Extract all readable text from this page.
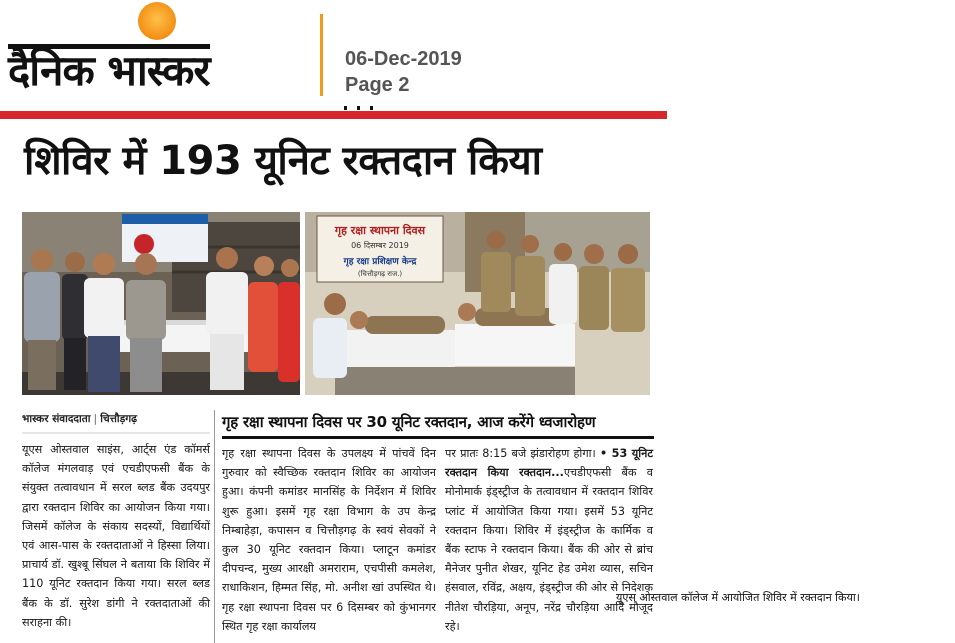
दैनिक भास्कर	06-Dec-2019
Page 2
शिविर में 193 यूनिट रक्तदान किया
गृह रक्षा स्थापना दिवस
06 दिसम्बर 2019
गृह रक्षा प्रशिक्षण केन्द्र
(चित्तौड़गढ़ राज.)
यूएस ओस्तवाल कॉलेज में आयोजित शिविर में रक्तदान किया।
भास्कर संवाददाता | चित्तौड़गढ़

यूएस ओस्तवाल साइंस, आर्ट्स एंड कॉमर्स कॉलेज मंगलवाड़ एवं एचडीएफसी बैंक के संयुक्त तत्वावधान में सरल ब्लड बैंक उदयपुर द्वारा रक्तदान शिविर का आयोजन किया गया। जिसमें कॉलेज के संकाय सदस्यों, विद्यार्थियों एवं आस-पास के रक्तदाताओं ने हिस्सा लिया। प्राचार्य डॉ. खुश्बू सिंघल ने बताया कि शिविर में 110 यूनिट रक्तदान किया गया। सरल ब्लड बैंक के डॉ. सुरेश डांगी ने रक्तदाताओं की सराहना की।

गृह रक्षा स्थापना दिवस पर 30 यूनिट रक्तदान, आज करेंगे ध्वजारोहण

गृह रक्षा स्थापना दिवस के उपलक्ष्य में पांचवें दिन गुरुवार को स्वैच्छिक रक्तदान शिविर का आयोजन हुआ। कंपनी कमांडर मानसिंह के निर्देशन में शिविर शुरू हुआ। इसमें गृह रक्षा विभाग के उप केन्द्र निम्बाहेड़ा, कपासन व चित्तौड़गढ़ के स्वयं सेवकों ने कुल 30 यूनिट रक्तदान किया। प्लाटून कमांडर दीपचन्द, मुख्य आरक्षी अमराराम, एचपीसी कमलेश, राधाकिशन, हिम्मत सिंह, मो. अनीश खां उपस्थित थे। गृह रक्षा स्थापना दिवस पर 6 दिसम्बर को कुंभानगर स्थित गृह रक्षा कार्यालय

पर प्रातः 8:15 बजे झंडारोहण होगा। • 53 यूनिट रक्तदान किया रक्तदान...एचडीएफसी बैंक व मोनोमार्क इंड्स्ट्रीज के तत्वावधान में रक्तदान शिविर प्लांट में आयोजित किया गया। इसमें 53 यूनिट रक्तदान किया। शिविर में इंड्स्ट्रीज के कार्मिक व बैंक स्टाफ ने रक्तदान किया। बैंक की ओर से ब्रांच मैनेजर पुनीत शेखर, यूनिट हेड उमेश व्यास, सचिन हंसवाल, रविंद्र, अक्षय, इंड्स्ट्रीज की ओर से निदेशक नीतेश चौरड़िया, अनूप, नरेंद्र चौरड़िया आदि मौजूद रहे।
